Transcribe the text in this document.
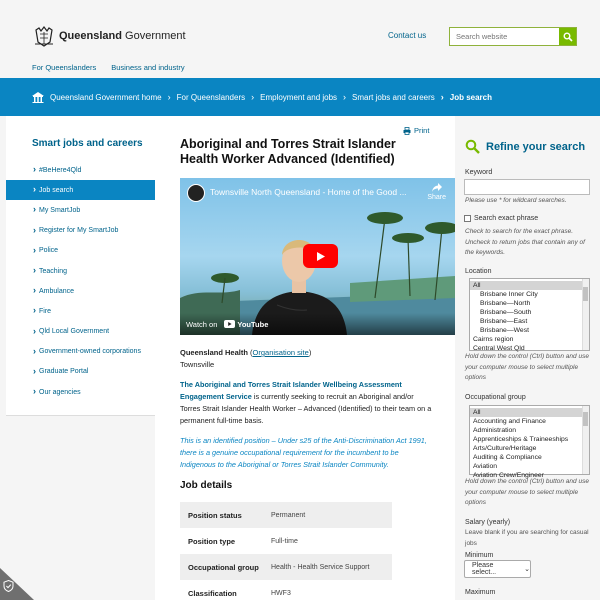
Queensland Government	Contact us
Search website
For Queenslanders Business and industry
Queensland Government home › For Queenslanders › Employment and jobs › Smart jobs and careers › Job search
Smart jobs and careers
› #BeHere4Qld
› Job search
› My SmartJob
› Register for My SmartJob
› Police
› Teaching
› Ambulance
› Fire
› Qld Local Government
› Government-owned corporations
› Graduate Portal
› Our agencies
Print
Aboriginal and Torres Strait Islander Health Worker Advanced (Identified)
Townsville North Queensland - Home of the Good ...
Share
Watch on	YouTube
Queensland Health (Organisation site)
Townsville

The Aboriginal and Torres Strait Islander Wellbeing Assessment Engagement Service is currently seeking to recruit an Aboriginal and/or Torres Strait Islander Health Worker – Advanced (Identified) to their team on a permanent full-time basis.

This is an identified position – Under s25 of the Anti-Discrimination Act 1991, there is a genuine occupational requirement for the incumbent to be Indigenous to the Aboriginal or Torres Strait Islander Community.

Job details
Position status	Permanent
Position type	Full-time
Occupational group	Health - Health Service Support
Classification	HWF3
Refine your search
Keyword
Please use * for wildcard searches.
Search exact phrase
Check to search for the exact phrase. Uncheck to return jobs that contain any of the keywords.
Location
All
Brisbane Inner City
Brisbane—North
Brisbane—South
Brisbane—East
Brisbane—West
Cairns region
Central West Qld
Hold down the control (Ctrl) button and use your computer mouse to select multiple options
Occupational group
All
Accounting and Finance
Administration
Apprenticeships & Traineeships
Arts/Culture/Heritage
Auditing & Compliance
Aviation
Aviation Crew/Engineer
Hold down the control (Ctrl) button and use your computer mouse to select multiple options
Salary (yearly)
Leave blank if you are searching for casual jobs
Minimum
Please select...	⌄
Maximum
